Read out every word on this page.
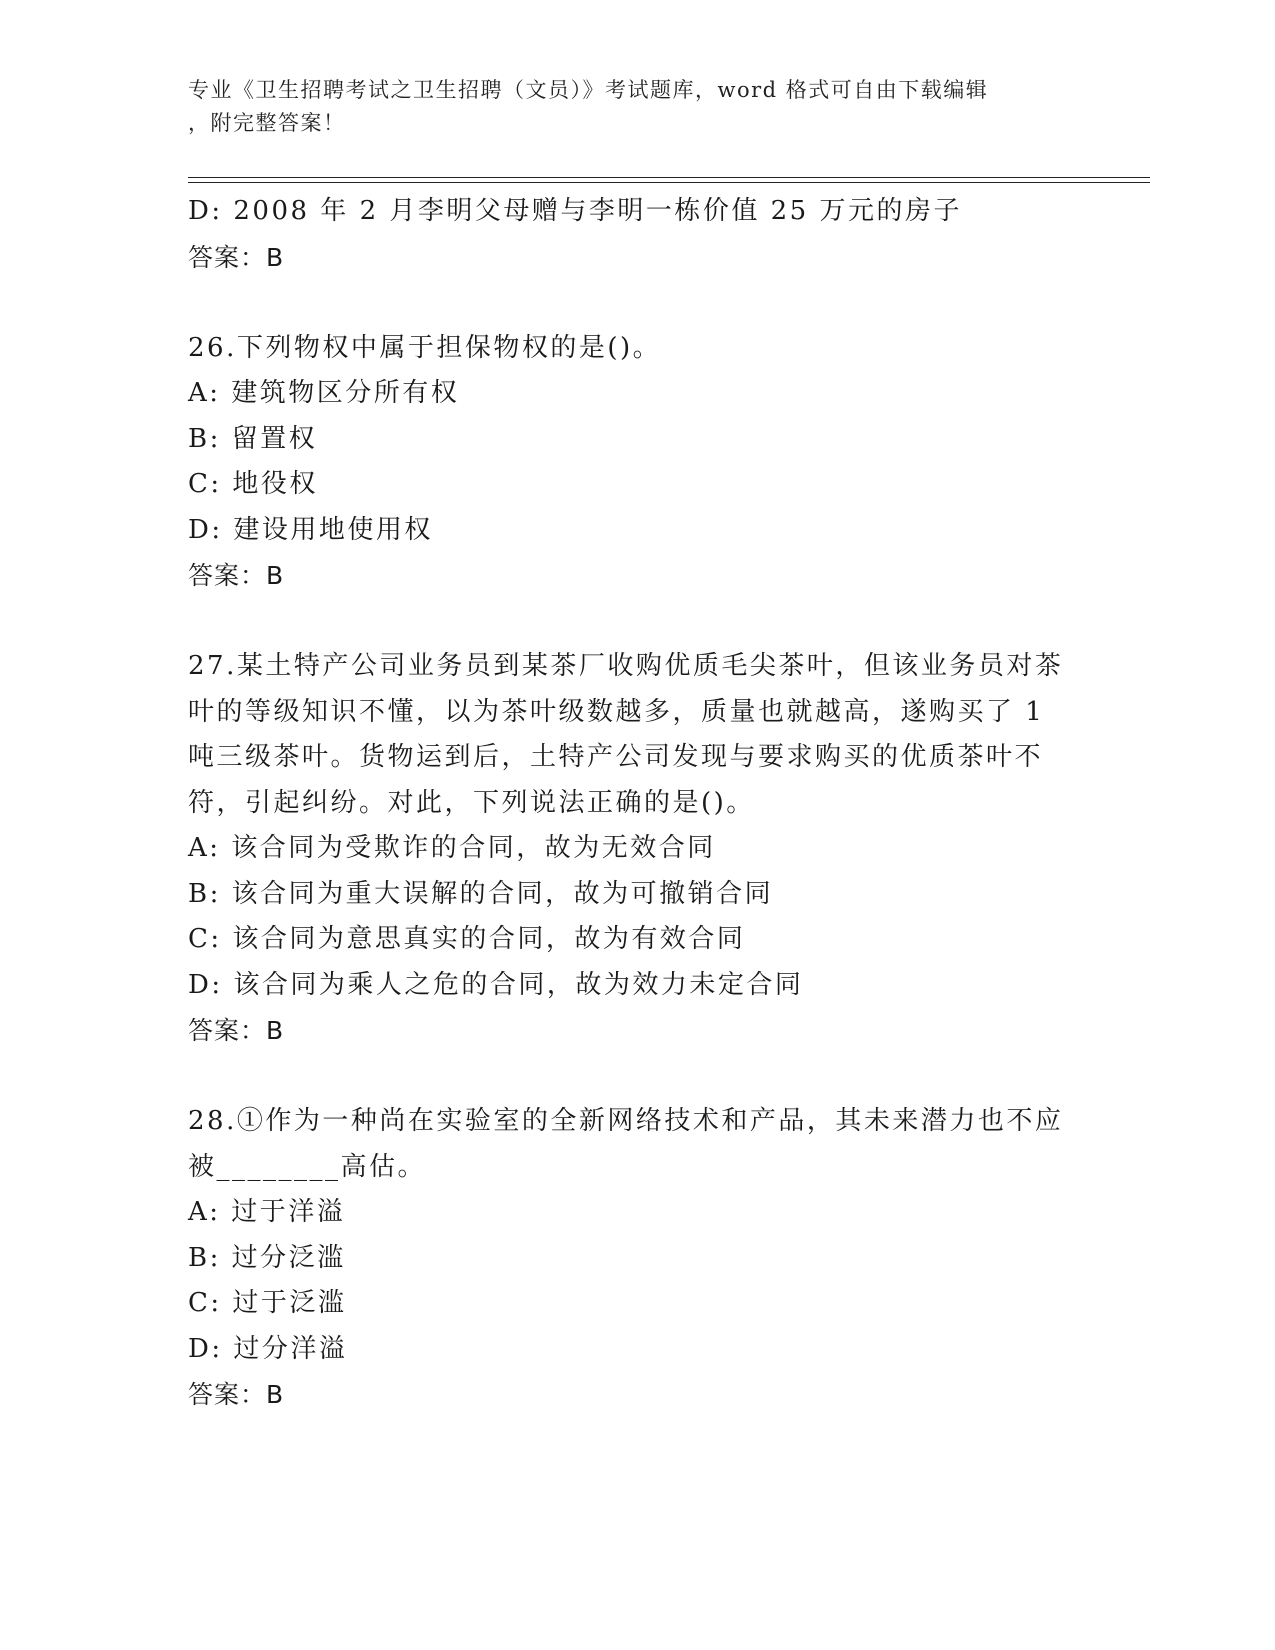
专业《卫生招聘考试之卫生招聘（文员）》考试题库，word 格式可自由下载编辑
，附完整答案！

D: 2008 年 2 月李明父母赠与李明一栋价值 25 万元的房子

答案：B

26.下列物权中属于担保物权的是()。

A: 建筑物区分所有权

B: 留置权

C: 地役权

D: 建设用地使用权

答案：B

27.某土特产公司业务员到某茶厂收购优质毛尖茶叶，但该业务员对茶

叶的等级知识不懂，以为茶叶级数越多，质量也就越高，遂购买了 1

吨三级茶叶。货物运到后，土特产公司发现与要求购买的优质茶叶不

符，引起纠纷。对此，下列说法正确的是()。

A: 该合同为受欺诈的合同，故为无效合同

B: 该合同为重大误解的合同，故为可撤销合同

C: 该合同为意思真实的合同，故为有效合同

D: 该合同为乘人之危的合同，故为效力未定合同

答案：B

28.①作为一种尚在实验室的全新网络技术和产品，其未来潜力也不应

被________高估。

A: 过于洋溢

B: 过分泛滥

C: 过于泛滥

D: 过分洋溢

答案：B
